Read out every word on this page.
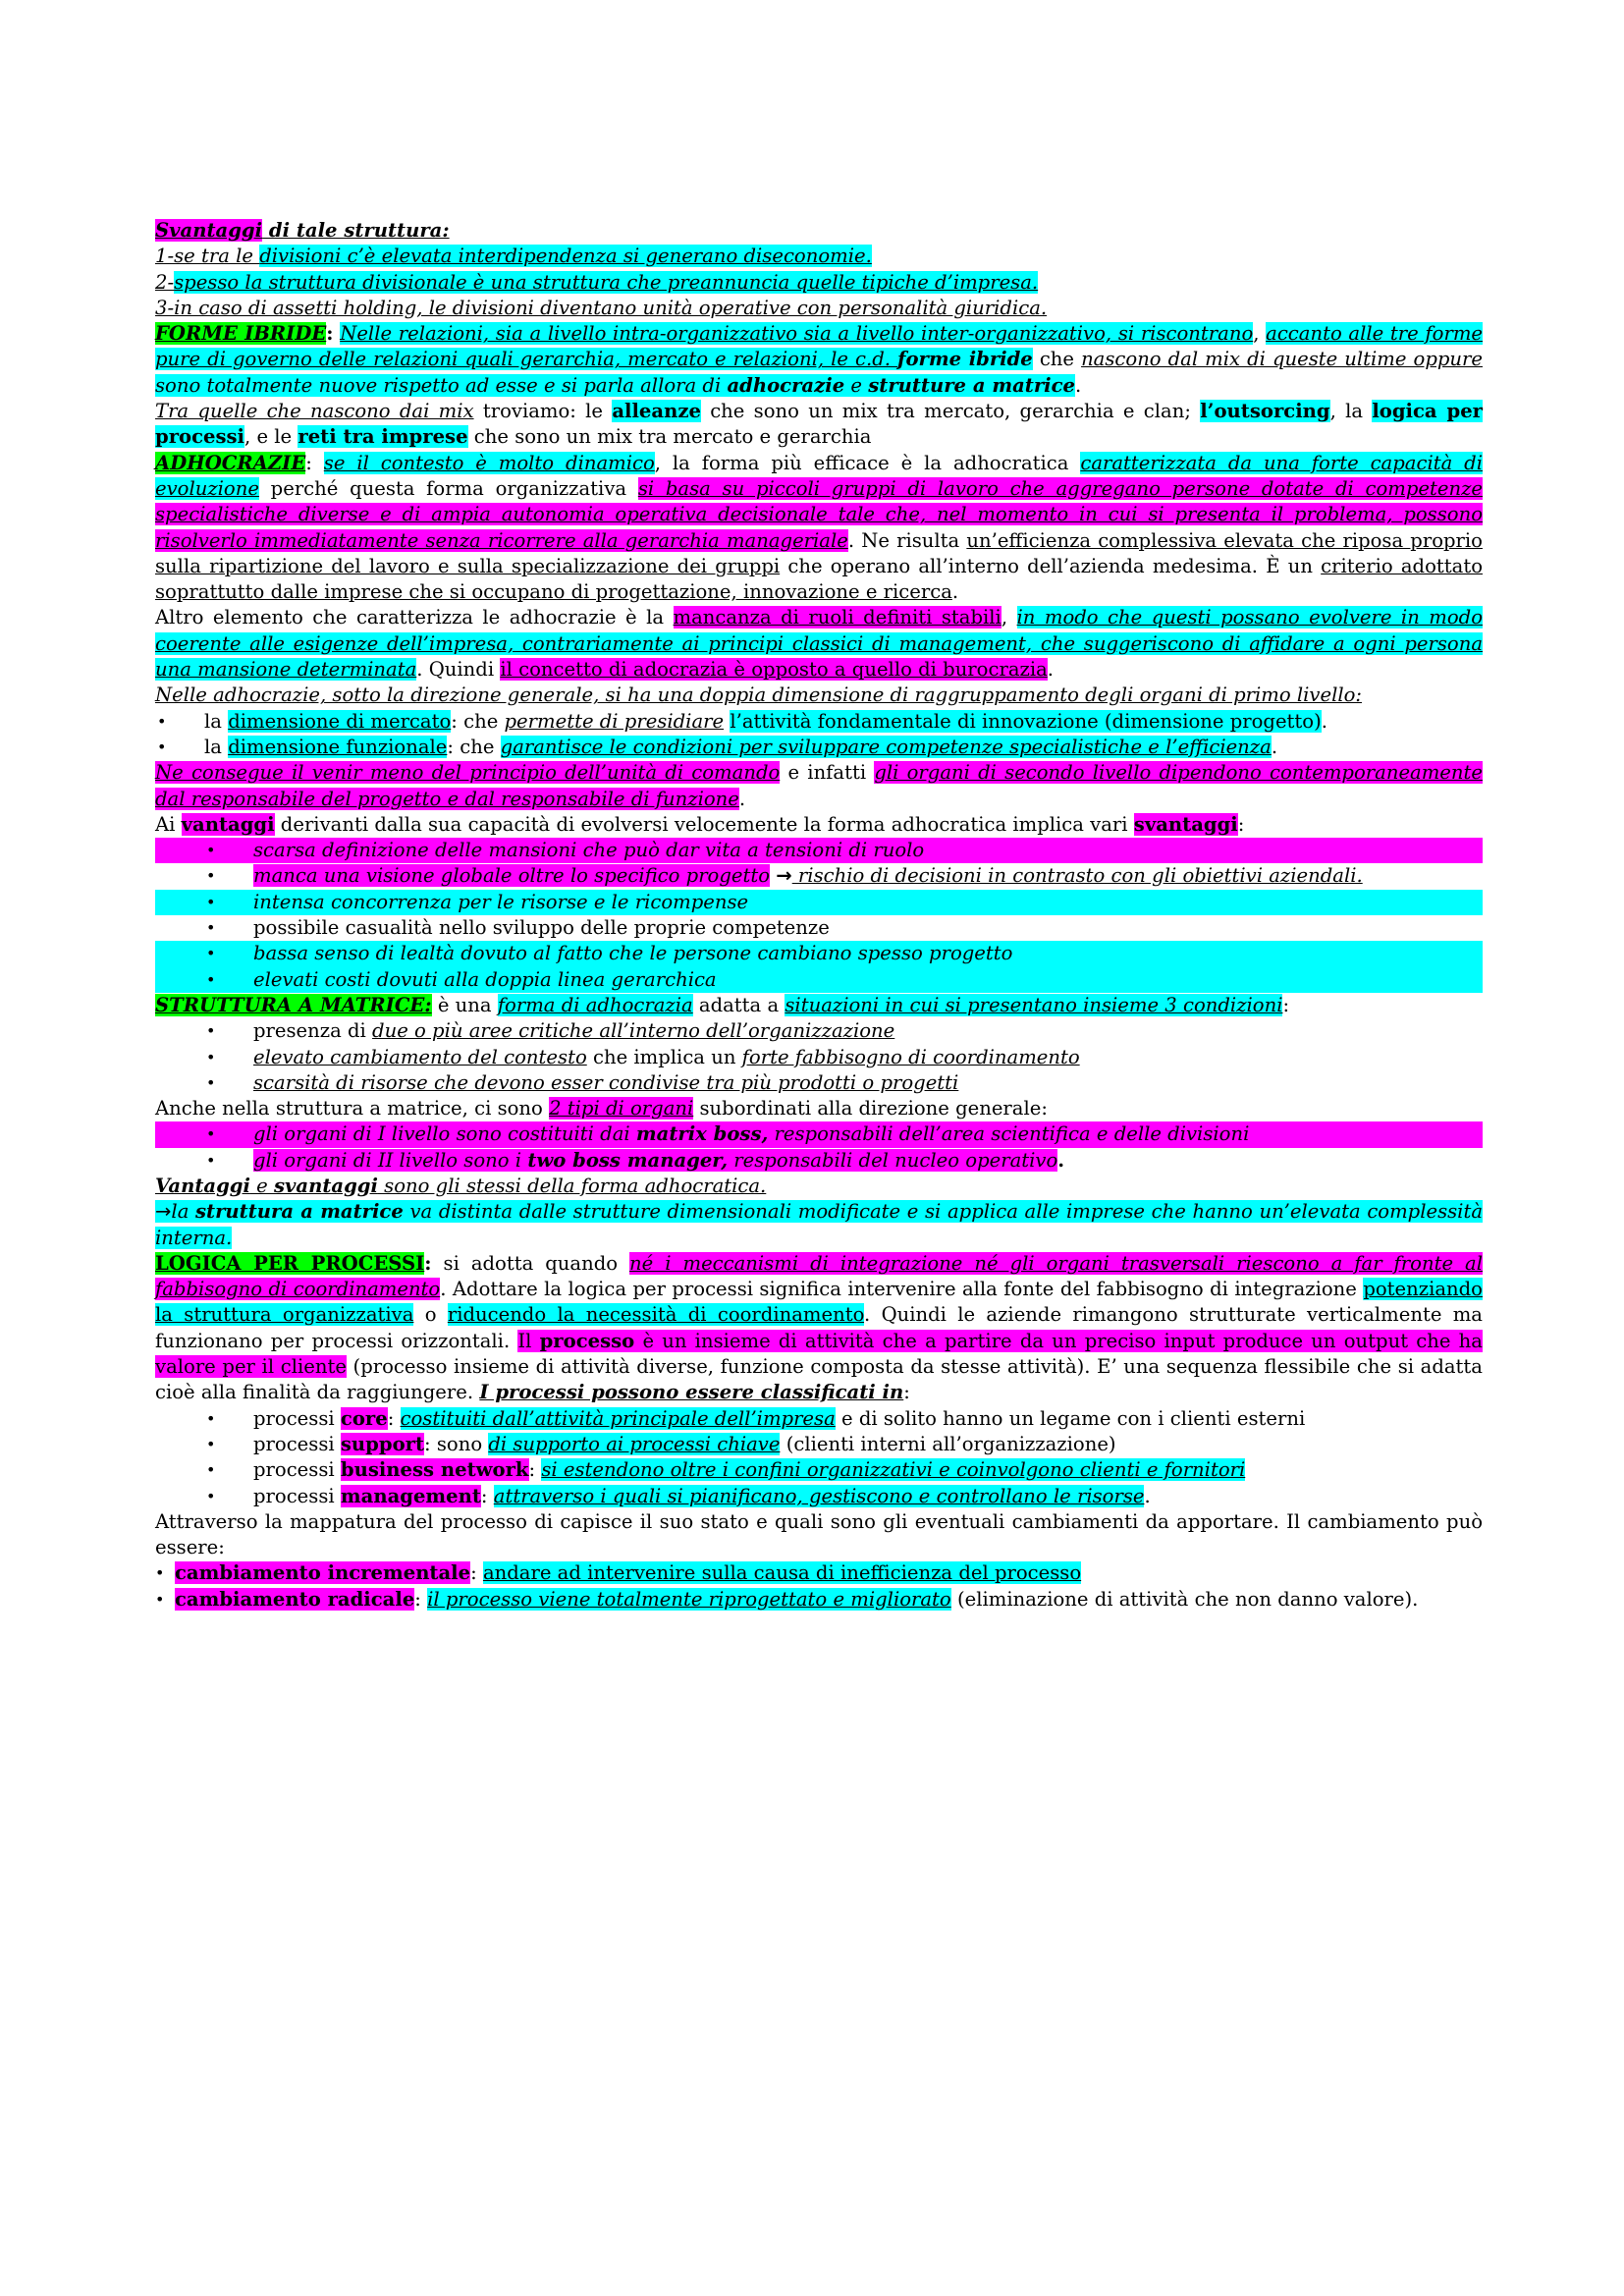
Svantaggi di tale struttura:

1-se tra le divisioni c’è elevata interdipendenza si generano diseconomie.

2-spesso la struttura divisionale è una struttura che preannuncia quelle tipiche d’impresa.

3-in caso di assetti holding, le divisioni diventano unità operative con personalità giuridica.

FORME IBRIDE: Nelle relazioni, sia a livello intra-organizzativo sia a livello inter-organizzativo, si riscontrano, accanto alle tre forme pure di governo delle relazioni quali gerarchia, mercato e relazioni, le c.d. forme ibride che nascono dal mix di queste ultime oppure sono totalmente nuove rispetto ad esse e si parla allora di adhocrazie e strutture a matrice.

Tra quelle che nascono dai mix troviamo: le alleanze che sono un mix tra mercato, gerarchia e clan; l’outsorcing, la logica per processi, e le reti tra imprese che sono un mix tra mercato e gerarchia

ADHOCRAZIE: se il contesto è molto dinamico, la forma più efficace è la adhocratica caratterizzata da una forte capacità di evoluzione perché questa forma organizzativa si basa su piccoli gruppi di lavoro che aggregano persone dotate di competenze specialistiche diverse e di ampia autonomia operativa decisionale tale che, nel momento in cui si presenta il problema, possono risolverlo immediatamente senza ricorrere alla gerarchia manageriale. Ne risulta un’efficienza complessiva elevata che riposa proprio sulla ripartizione del lavoro e sulla specializzazione dei gruppi che operano all’interno dell’azienda medesima. È un criterio adottato soprattutto dalle imprese che si occupano di progettazione, innovazione e ricerca.

Altro elemento che caratterizza le adhocrazie è la mancanza di ruoli definiti stabili, in modo che questi possano evolvere in modo coerente alle esigenze dell’impresa, contrariamente ai principi classici di management, che suggeriscono di affidare a ogni persona una mansione determinata. Quindi il concetto di adocrazia è opposto a quello di burocrazia.

Nelle adhocrazie, sotto la direzione generale, si ha una doppia dimensione di raggruppamento degli organi di primo livello:

la dimensione di mercato: che permette di presidiare l’attività fondamentale di innovazione (dimensione progetto).
la dimensione funzionale: che garantisce le condizioni per sviluppare competenze specialistiche e l’efficienza.

Ne consegue il venir meno del principio dell’unità di comando e infatti gli organi di secondo livello dipendono contemporaneamente dal responsabile del progetto e dal responsabile di funzione.

Ai vantaggi derivanti dalla sua capacità di evolversi velocemente la forma adhocratica implica vari svantaggi:

scarsa definizione delle mansioni che può dar vita a tensioni di ruolo
manca una visione globale oltre lo specifico progetto → rischio di decisioni in contrasto con gli obiettivi aziendali.
intensa concorrenza per le risorse e le ricompense
possibile casualità nello sviluppo delle proprie competenze
bassa senso di lealtà dovuto al fatto che le persone cambiano spesso progetto
elevati costi dovuti alla doppia linea gerarchica

STRUTTURA A MATRICE: è una forma di adhocrazia adatta a situazioni in cui si presentano insieme 3 condizioni:

presenza di due o più aree critiche all’interno dell’organizzazione
elevato cambiamento del contesto che implica un forte fabbisogno di coordinamento
scarsità di risorse che devono esser condivise tra più prodotti o progetti

Anche nella struttura a matrice, ci sono 2 tipi di organi subordinati alla direzione generale:

gli organi di I livello sono costituiti dai matrix boss, responsabili dell’area scientifica e delle divisioni
gli organi di II livello sono i two boss manager, responsabili del nucleo operativo.

Vantaggi e svantaggi sono gli stessi della forma adhocratica.

→la struttura a matrice va distinta dalle strutture dimensionali modificate e si applica alle imprese che hanno un’elevata complessità interna.

LOGICA PER PROCESSI: si adotta quando né i meccanismi di integrazione né gli organi trasversali riescono a far fronte al fabbisogno di coordinamento. Adottare la logica per processi significa intervenire alla fonte del fabbisogno di integrazione potenziando la struttura organizzativa o riducendo la necessità di coordinamento. Quindi le aziende rimangono strutturate verticalmente ma funzionano per processi orizzontali. Il processo è un insieme di attività che a partire da un preciso input produce un output che ha valore per il cliente (processo insieme di attività diverse, funzione composta da stesse attività). E’ una sequenza flessibile che si adatta cioè alla finalità da raggiungere. I processi possono essere classificati in:

processi core: costituiti dall’attività principale dell’impresa e di solito hanno un legame con i clienti esterni
processi support: sono di supporto ai processi chiave (clienti interni all’organizzazione)
processi business network: si estendono oltre i confini organizzativi e coinvolgono clienti e fornitori
processi management: attraverso i quali si pianificano, gestiscono e controllano le risorse.

Attraverso la mappatura del processo di capisce il suo stato e quali sono gli eventuali cambiamenti da apportare. Il cambiamento può essere:

cambiamento incrementale: andare ad intervenire sulla causa di inefficienza del processo
cambiamento radicale: il processo viene totalmente riprogettato e migliorato (eliminazione di attività che non danno valore).
